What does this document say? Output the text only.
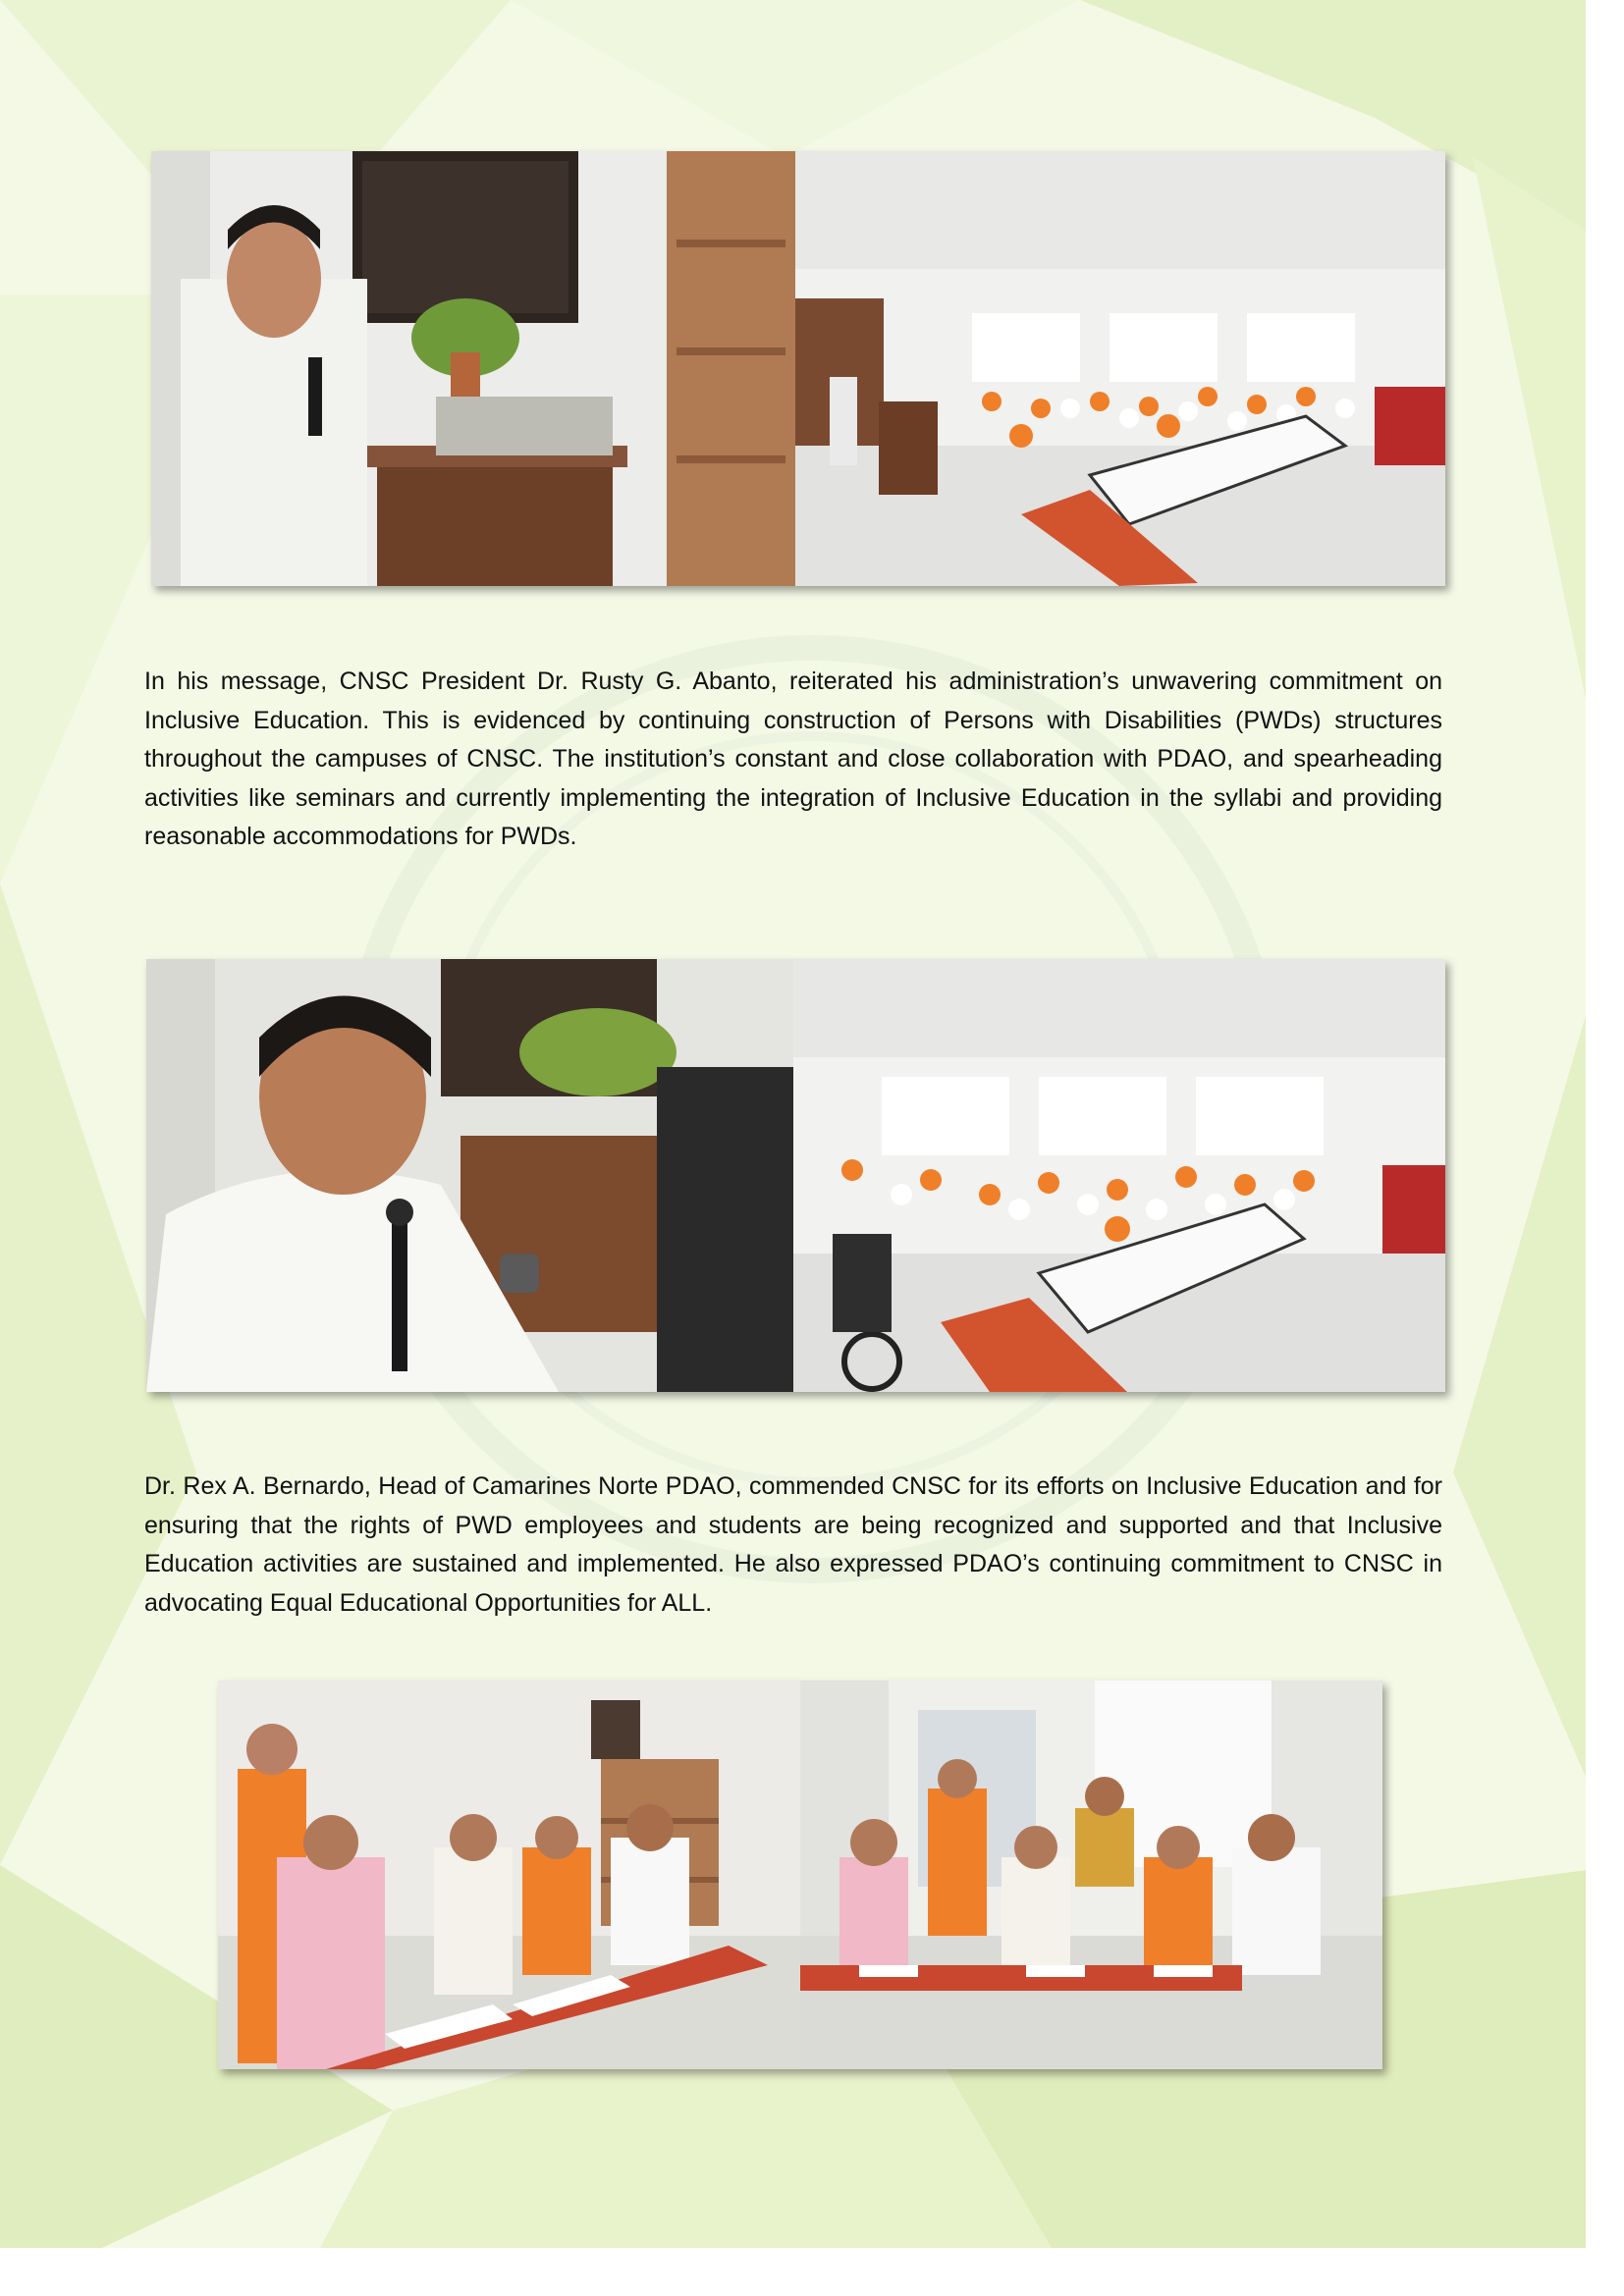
In his message, CNSC President Dr. Rusty G. Abanto, reiterated his administration’s unwavering commitment on Inclusive Education. This is evidenced by continuing construction of Persons with Disabilities (PWDs) structures throughout the campuses of CNSC. The institution’s constant and close collaboration with PDAO, and spearheading activities like seminars and currently implementing the integration of Inclusive Education in the syllabi and providing reasonable accommodations for PWDs.
Dr. Rex A. Bernardo, Head of Camarines Norte PDAO, commended CNSC for its efforts on Inclusive Education and for ensuring that the rights of PWD employees and students are being recognized and supported and that Inclusive Education activities are sustained and implemented. He also expressed PDAO’s continuing commitment to CNSC in advocating Equal Educational Opportunities for ALL.
